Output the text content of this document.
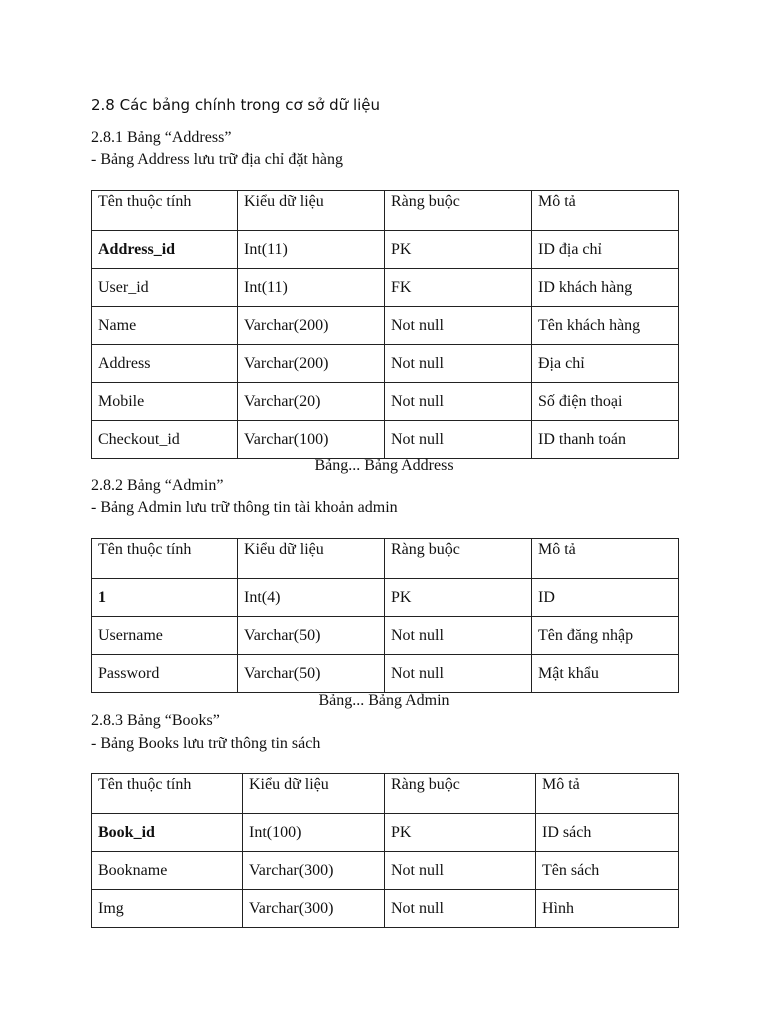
2.8 Các bảng chính trong cơ sở dữ liệu
2.8.1 Bảng “Address”
- Bảng Address lưu trữ địa chỉ đặt hàng
Tên thuộc tính	Kiểu dữ liệu	Ràng buộc	Mô tả
Address_id	Int(11)	PK	ID địa chỉ
User_id	Int(11)	FK	ID khách hàng
Name	Varchar(200)	Not null	Tên khách hàng
Address	Varchar(200)	Not null	Địa chỉ
Mobile	Varchar(20)	Not null	Số điện thoại
Checkout_id	Varchar(100)	Not null	ID thanh toán
Bảng... Bảng Address
2.8.2 Bảng “Admin”
- Bảng Admin lưu trữ thông tin tài khoản admin
Tên thuộc tính	Kiểu dữ liệu	Ràng buộc	Mô tả
1	Int(4)	PK	ID
Username	Varchar(50)	Not null	Tên đăng nhập
Password	Varchar(50)	Not null	Mật khẩu
Bảng... Bảng Admin
2.8.3 Bảng “Books”
- Bảng Books lưu trữ thông tin sách
Tên thuộc tính	Kiểu dữ liệu	Ràng buộc	Mô tả
Book_id	Int(100)	PK	ID sách
Bookname	Varchar(300)	Not null	Tên sách
Img	Varchar(300)	Not null	Hình
